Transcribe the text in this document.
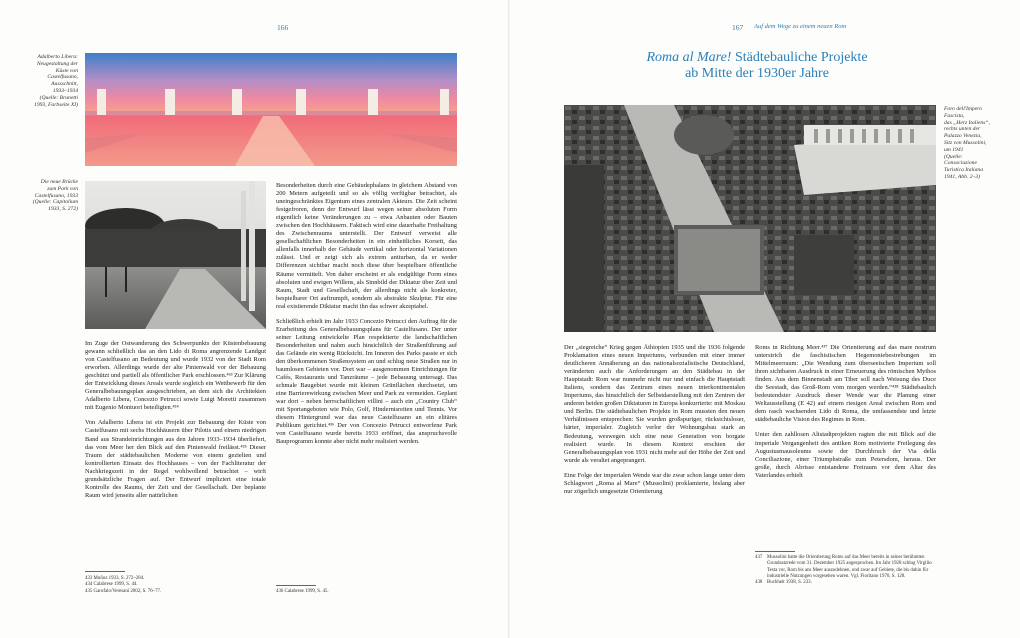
166
Adalberto Libera:
Neugestaltung der
Küste von
Castelfusano,
Aussschnitt,
1933–1934
(Quelle: Brunetti
1993, Farbseite XI)
Die neue Brücke
zum Park von
Castelfusano, 1933
(Quelle: Capitolium
1933, S. 272)

Im Zuge der Ostwanderung des Schwerpunkts der Küstenbebauung gewann schließlich das an den Lido di Roma angrenzende Landgut von Castelfusano an Bedeutung und wurde 1932 von der Stadt Rom erworben. Allerdings wurde der alte Pinienwald vor der Bebauung geschützt und partiell als öffentlicher Park erschlossen.⁴³³ Zur Klärung der Entwicklung dieses Areals wurde sogleich ein Wettbewerb für den Generalbebauungsplan ausgeschrieben, an dem sich die Architekten Adalberto Libera, Concezio Petrucci sowie Luigi Moretti zusammen mit Eugenio Montuori beteiligten.⁴³⁴

Von Adalberto Libera ist ein Projekt zur Bebauung der Küste von Castelfusano mit sechs Hochhäusern über Pilotis und einem niedrigen Band aus Strandeinrichtungen aus den Jahren 1933–1934 überliefert, das vom Meer her den Blick auf den Pinienwald freilässt.⁴³⁵ Dieser Traum der städtebaulichen Moderne von einem gezielten und kontrollierten Einsatz des Hochhauses – von der Fachliteratur der Nachkriegszeit in der Regel wohlwollend betrachtet – wirft grundsätzliche Fragen auf. Der Entwurf impliziert eine totale Kontrolle des Raums, der Zeit und der Gesellschaft. Der beplante Raum wird jenseits aller natürlichen

Besonderheiten durch eine Gebäudephalanx in gleichem Abstand von 200 Metern aufgeteilt und so als völlig verfügbar betrachtet, als uneingeschränktes Eigentum eines zentralen Akteurs. Die Zeit scheint festgefroren, denn der Entwurf lässt wegen seiner absoluten Form eigentlich keine Veränderungen zu – etwa Anbauten oder Bauten zwischen den Hochhäusern. Faktisch wird eine dauerhafte Freihaltung des Zwischenraums unterstellt. Der Entwurf verweist alle gesellschaftlichen Besonderheiten in ein einheitliches Korsett, das allenfalls innerhalb der Gebäude vertikal oder horizontal Variationen zulässt. Und er zeigt sich als extrem antiurban, da er weder Differenzen sichtbar macht noch diese über bespielbare öffentliche Räume vermittelt. Von daher erscheint er als endgültige Form eines absoluten und ewigen Willens, als Sinnbild der Diktatur über Zeit und Raum, Stadt und Gesellschaft, der allerdings nicht als konkreter, bespielbarer Ort auftrumpft, sondern als abstrakte Skulptur. Für eine real existierende Diktatur macht ihn das schwer akzeptabel.

Schließlich erhielt im Jahr 1933 Concezio Petrucci den Auftrag für die Erarbeitung des Generalbebauungsplans für Castelfusano. Der unter seiner Leitung entwickelte Plan respektierte die landschaftlichen Besonderheiten und nahm auch hinsichtlich der Straßenführung auf das Gelände ein wenig Rücksicht. Im Inneren des Parks passte er sich den überkommenen Straßensystem an und schlug neue Straßen nur in baumlosen Gebieten vor. Dort war – ausgenommen Einrichtungen für Cafés, Restaurants und Tanzräume – jede Bebauung untersagt. Das schmale Baugebiet wurde mit kleinen Grünflächen durchsetzt, um eine Barrierewirkung zwischen Meer und Park zu vermeiden. Geplant war dort – neben herrschaftlichen villini – auch ein „Country Club“ mit Sportangeboten wie Polo, Golf, Hindernisreiten und Tennis. Vor diesem Hintergrund war das neue Castelfusano an ein elitäres Publikum gerichtet.⁴³⁶ Der von Concezio Petrucci entworfene Park von Castelfusano wurde bereits 1933 eröffnet, das anspruchsvolle Bauprogramm konnte aber nicht mehr realisiert werden.

433 Muñoz 1933, S. 272–284.
434 Calabrese 1999, S. 44.
435 Garofalo/Veresani 2002, S. 76–77.	436 Calabrese 1999, S. 45.
167 Auf dem Wege zu einem neuen Rom
Roma al Mare! Städtebauliche Projekte
ab Mitte der 1930er Jahre
Foro dell'Impero
Fascista,
das „Herz Italiens“,
rechts unten der
Palazzo Venezia,
Sitz von Mussolini,
um 1941
(Quelle:
Consociazione
Turistica Italiana
1941, Abb. 2–3)

Der „siegreiche“ Krieg gegen Äthiopien 1935 und die 1936 folgende Proklamation eines neuen Imperiums, verbunden mit einer immer deutlicheren Annäherung an das nationalsozialistische Deutschland, veränderten auch die Anforderungen an den Städtebau in der Hauptstadt: Rom war nunmehr nicht nur und einfach die Hauptstadt Italiens, sondern das Zentrum eines neuen interkontinentalen Imperiums, das hinsichtlich der Selbstdarstellung mit den Zentren der anderen beiden großen Diktaturen in Europa konkurrierte: mit Moskau und Berlin. Die städtebaulichen Projekte in Rom mussten den neuen Verhältnissen entsprechen: Sie wurden großspuriger, rücksichtsloser, härter, imperialer. Zugleich verlor der Wohnungsbau stark an Bedeutung, weswegen sich eine neue Generation von borgate realisiert wurde. In diesem Kontext erschien der Generalbebauungsplan von 1931 nicht mehr auf der Höhe der Zeit und wurde als veraltet angeprangert.

Eine Folge der imperialen Wende war die zwar schon lange unter dem Schlagwort „Roma al Mare“ (Mussolini) proklamierte, bislang aber nur zögerlich umgesetzte Orientierung

Roms in Richtung Meer.⁴³⁷ Die Orientierung auf das mare nostrum unterstrich die faschistischen Hegemoniebestrebungen im Mittelmeerraum: „Die Wendung zum überseeischen Imperium soll ihren sichtbaren Ausdruck in einer Erneuerung des römischen Mythos finden. Aus dem Binnenstadt am Tiber soll nach Weisung des Duce die Seestadt, das Groß-Rom vom morgen werden.“⁴³⁸ Städtebaulich bedeutendster Ausdruck dieser Wende war die Planung einer Weltausstellung (E 42) auf einem riesigen Areal zwischen Rom und dem rasch wachsenden Lido di Roma, die umfassendste und letzte städtebauliche Vision des Regimes in Rom.

Unter den zahllosen Altstadtprojekten ragten die mit Blick auf die imperiale Vergangenheit des antiken Rom motivierte Freilegung des Augustusmausoleums sowie der Durchbruch der Via della Conciliazione, einer Triumphstraße zum Petersdom, heraus. Der große, durch Abrisse entstandene Freiraum vor dem Altar des Vaterlandes erhielt

437 Mussolini hatte die Orientierung Roms auf das Meer bereits in seiner berühmten Grundsatzrede vom 31. Dezember 1925 angesprochen. Im Jahr 1928 schlug Virgilio Testa vor, Rom bis ans Meer auszudehnen, und zwar auf Gebiete, die bis dahin für industrielle Nutzungen vorgesehen waren. Vgl. Fioritano 1970, S. 128.
438 Buchheit 1938, S. 233.
